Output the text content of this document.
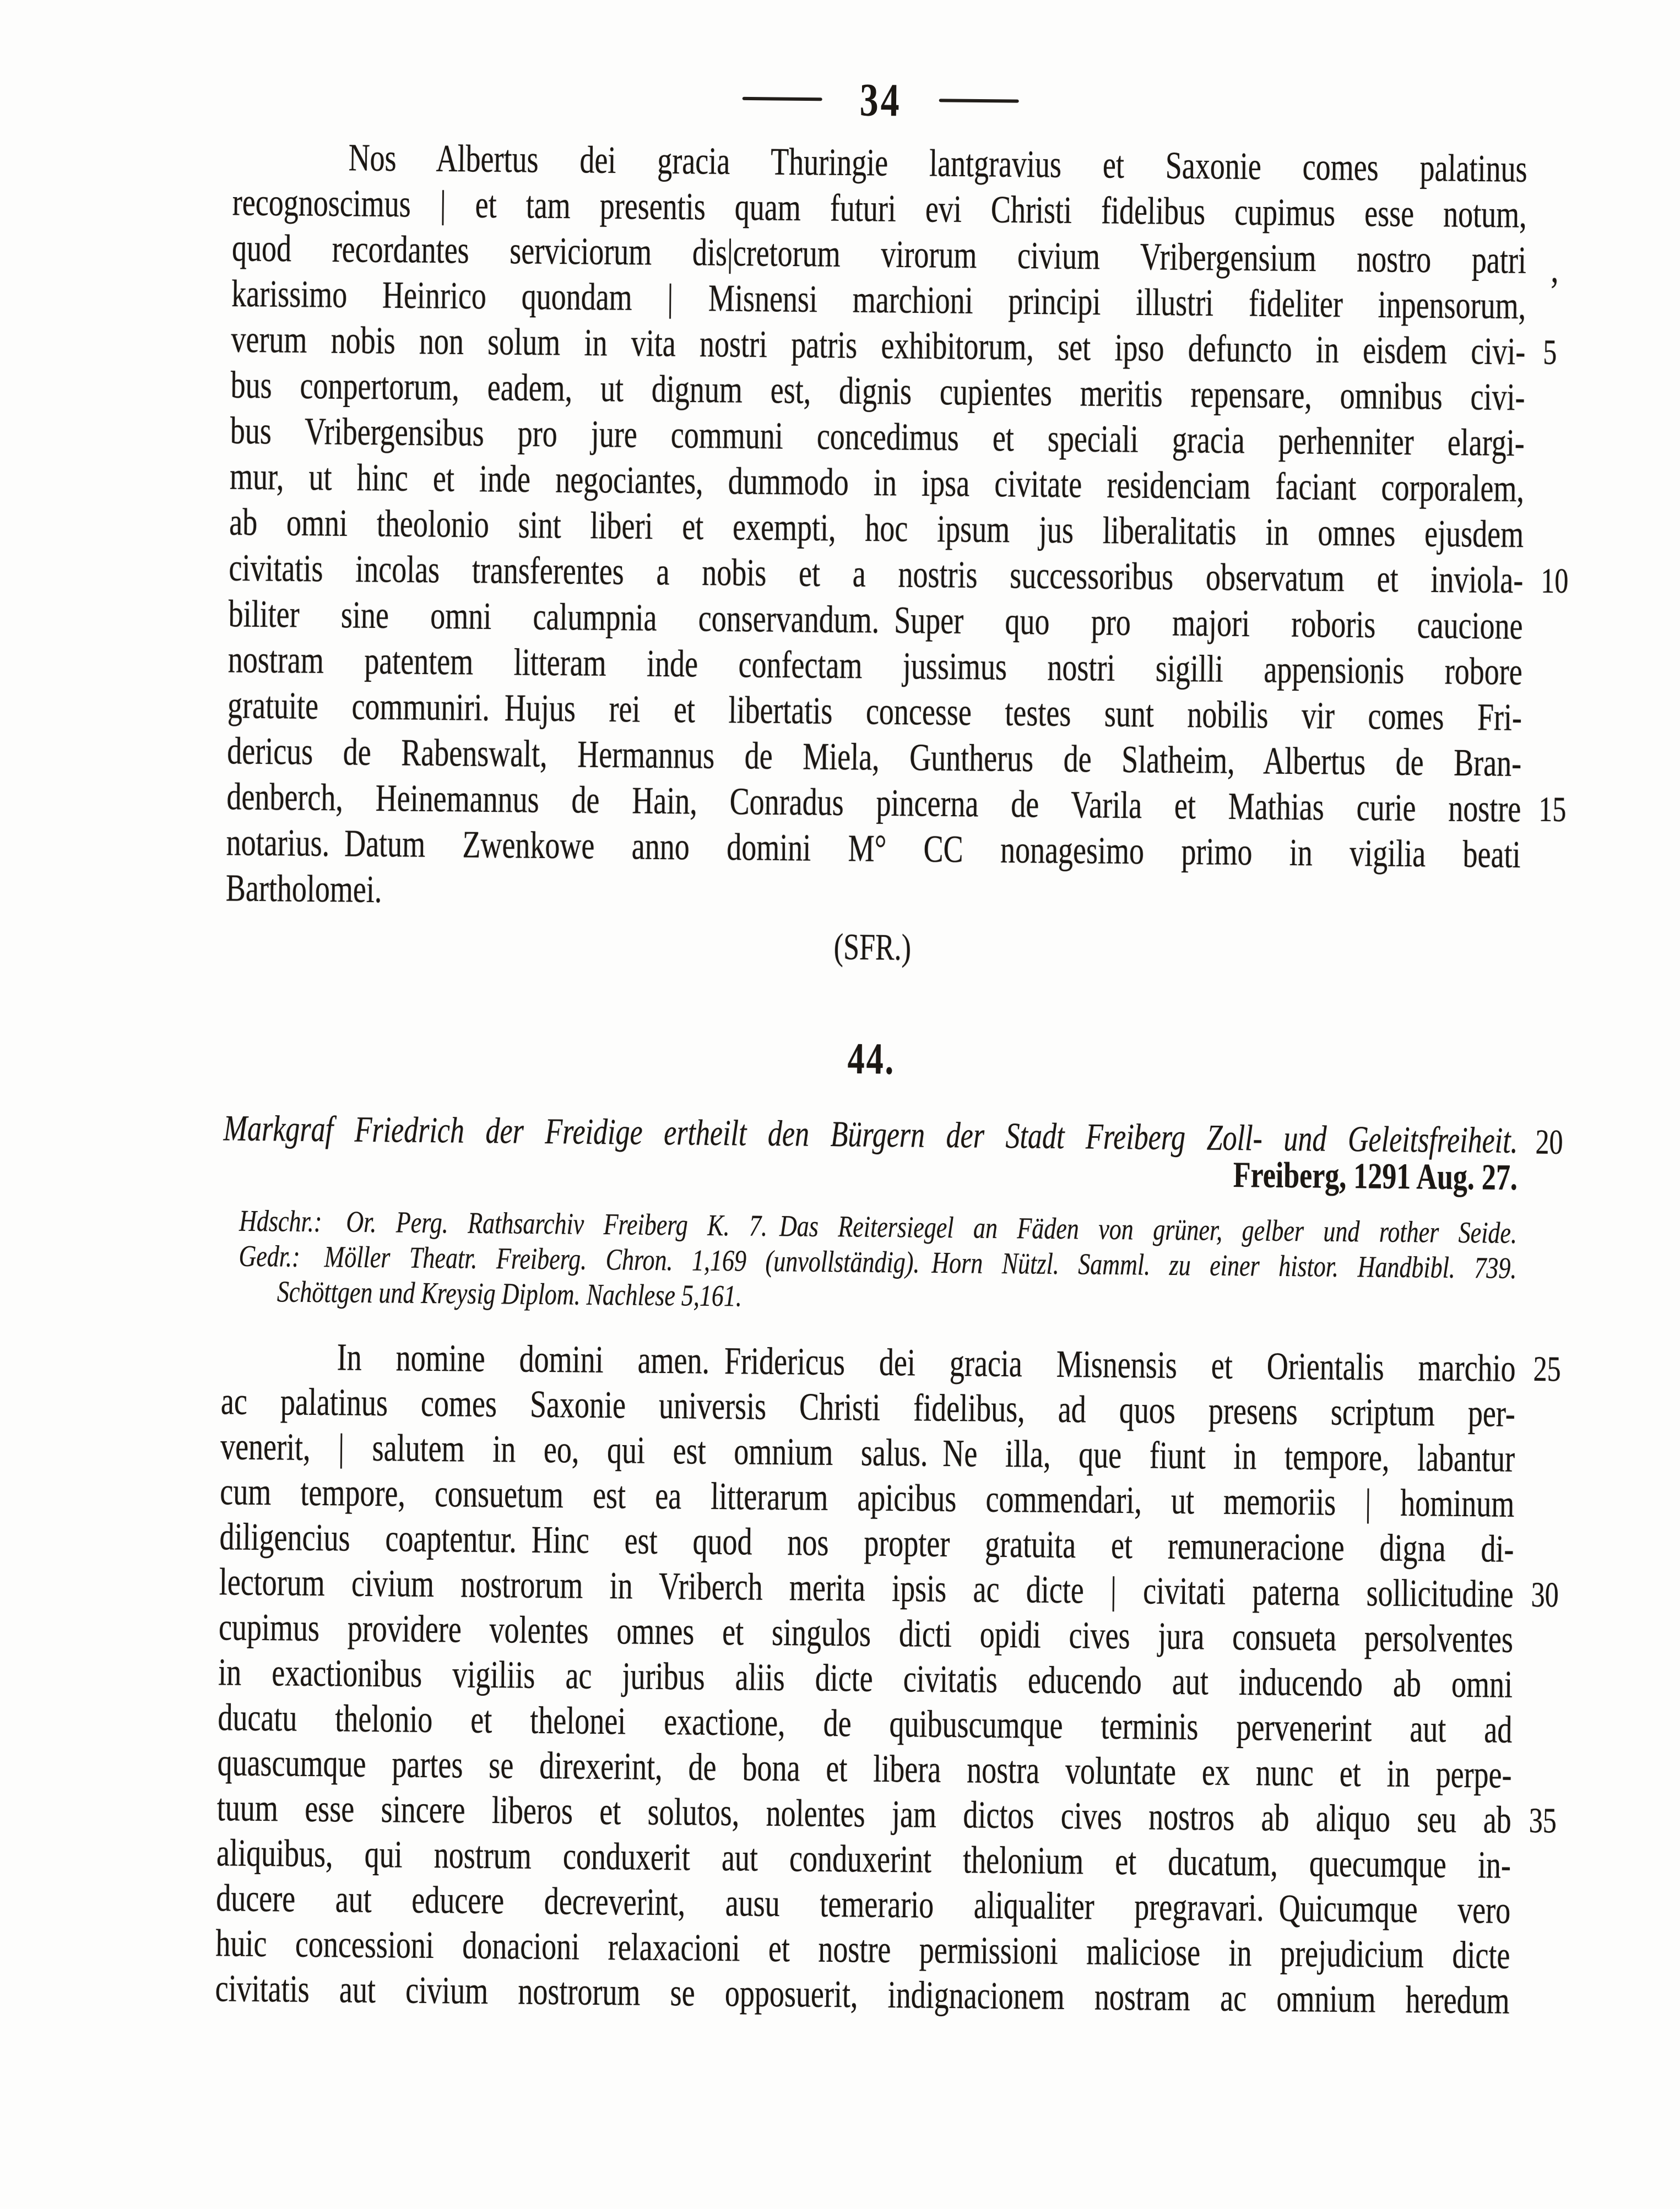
34
Nos Albertus dei gracia Thuringie lantgravius et Saxonie comes palatinus
recognoscimus | et tam presentis quam futuri evi Christi fidelibus cupimus esse notum,
quod recordantes serviciorum dis|cretorum virorum civium Vribergensium nostro patri
karissimo Heinrico quondam | Misnensi marchioni principi illustri fideliter inpensorum, ’
verum nobis non solum in vita nostri patris exhibitorum, set ipso defuncto in eisdem civi- 5
bus conpertorum, eadem, ut dignum est, dignis cupientes meritis repensare, omnibus civi-
bus Vribergensibus pro jure communi concedimus et speciali gracia perhenniter elargi-
mur, ut hinc et inde negociantes, dummodo in ipsa civitate residenciam faciant corporalem,
ab omni theolonio sint liberi et exempti, hoc ipsum jus liberalitatis in omnes ejusdem
civitatis incolas transferentes a nobis et a nostris successoribus observatum et inviola- 10
biliter sine omni calumpnia conservandum. Super quo pro majori roboris caucione
nostram patentem litteram inde confectam jussimus nostri sigilli appensionis robore
gratuite communiri. Hujus rei et libertatis concesse testes sunt nobilis vir comes Fri-
dericus de Rabenswalt, Hermannus de Miela, Guntherus de Slatheim, Albertus de Bran-
denberch, Heinemannus de Hain, Conradus pincerna de Varila et Mathias curie nostre 15
notarius. Datum Zwenkowe anno domini M° CC nonagesimo primo in vigilia beati
Bartholomei.
(SFR.)
44.
Markgraf Friedrich der Freidige ertheilt den Bürgern der Stadt Freiberg Zoll- und Geleitsfreiheit. 20
Freiberg, 1291 Aug. 27.
Hdschr.: Or. Perg. Rathsarchiv Freiberg K. 7. Das Reitersiegel an Fäden von grüner, gelber und rother Seide.
Gedr.: Möller Theatr. Freiberg. Chron. 1,169 (unvollständig). Horn Nützl. Samml. zu einer histor. Handbibl. 739.
Schöttgen und Kreysig Diplom. Nachlese 5,161.
In nomine domini amen. Fridericus dei gracia Misnensis et Orientalis marchio 25
ac palatinus comes Saxonie universis Christi fidelibus, ad quos presens scriptum per-
venerit, | salutem in eo, qui est omnium salus. Ne illa, que fiunt in tempore, labantur
cum tempore, consuetum est ea litterarum apicibus commendari, ut memoriis | hominum
diligencius coaptentur. Hinc est quod nos propter gratuita et remuneracione digna di-
lectorum civium nostrorum in Vriberch merita ipsis ac dicte | civitati paterna sollicitudine 30
cupimus providere volentes omnes et singulos dicti opidi cives jura consueta persolventes
in exactionibus vigiliis ac juribus aliis dicte civitatis educendo aut inducendo ab omni
ducatu thelonio et thelonei exactione, de quibuscumque terminis pervenerint aut ad
quascumque partes se direxerint, de bona et libera nostra voluntate ex nunc et in perpe-
tuum esse sincere liberos et solutos, nolentes jam dictos cives nostros ab aliquo seu ab 35
aliquibus, qui nostrum conduxerit aut conduxerint thelonium et ducatum, quecumque in-
ducere aut educere decreverint, ausu temerario aliqualiter pregravari. Quicumque vero
huic concessioni donacioni relaxacioni et nostre permissioni maliciose in prejudicium dicte
civitatis aut civium nostrorum se opposuerit, indignacionem nostram ac omnium heredum
